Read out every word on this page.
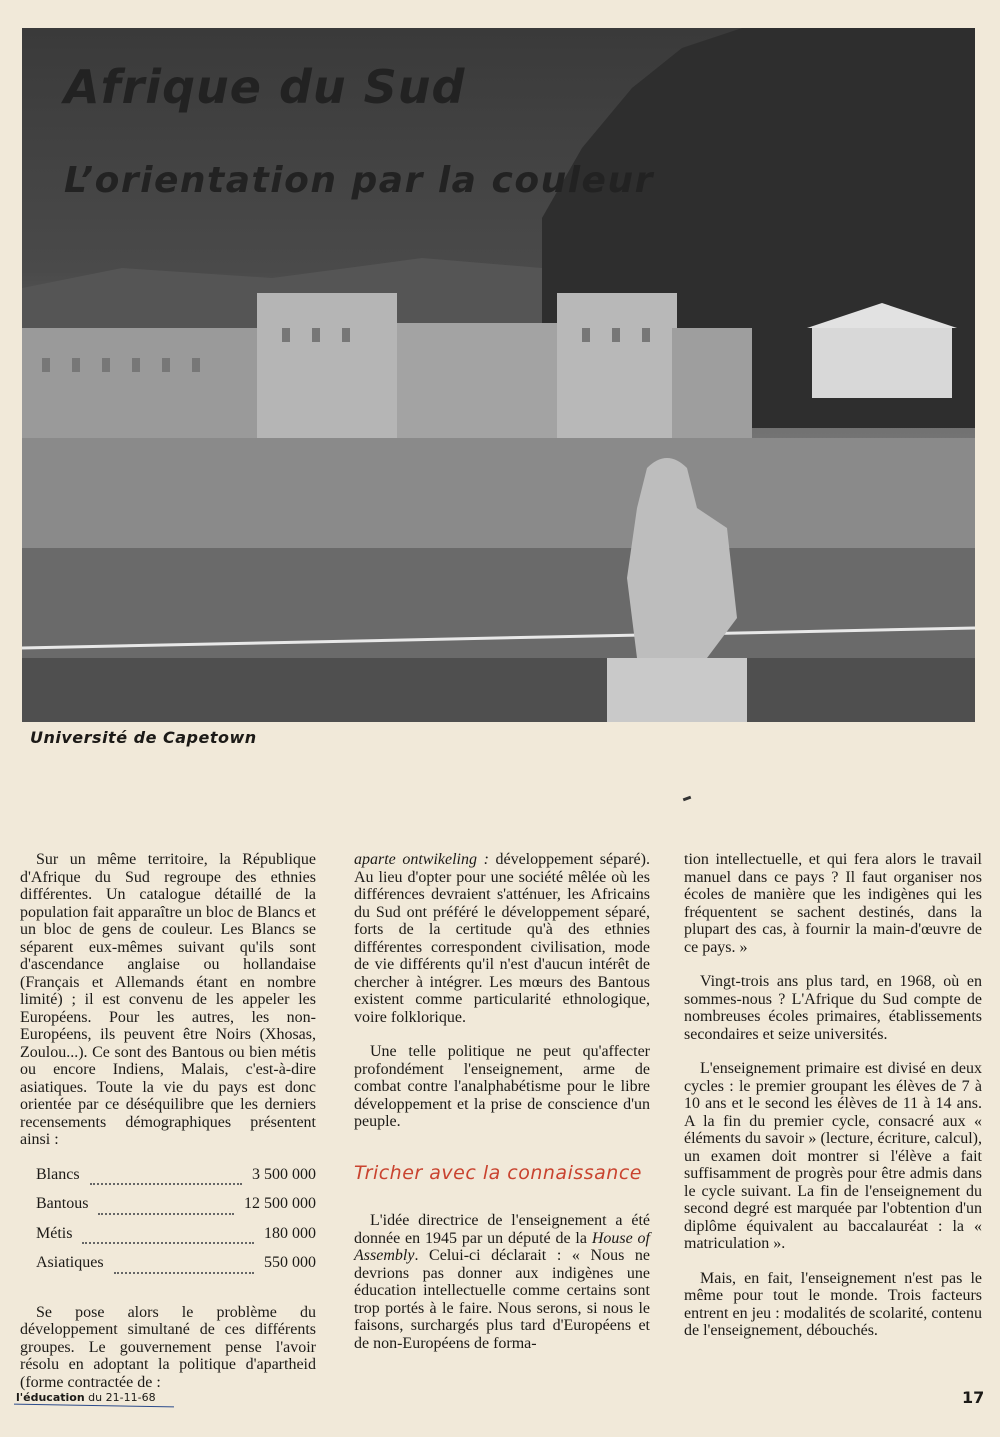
Afrique du Sud
L’orientation par la couleur
Université de Capetown

Sur un même territoire, la République d'Afrique du Sud regroupe des ethnies différentes. Un catalogue détaillé de la population fait apparaître un bloc de Blancs et un bloc de gens de couleur. Les Blancs se séparent eux-mêmes suivant qu'ils sont d'ascendance anglaise ou hollandaise (Français et Allemands étant en nombre limité) ; il est convenu de les appeler les Européens. Pour les autres, les non-Européens, ils peuvent être Noirs (Xhosas, Zoulou...). Ce sont des Bantous ou bien métis ou encore Indiens, Malais, c'est-à-dire asiatiques. Toute la vie du pays est donc orientée par ce déséquilibre que les derniers recensements démographiques présentent ainsi :

Blancs	3 500 000
Bantous	12 500 000
Métis	180 000
Asiatiques	550 000

Se pose alors le problème du développement simultané de ces différents groupes. Le gouvernement pense l'avoir résolu en adoptant la politique d'apartheid (forme contractée de :

aparte ontwikeling : développement séparé). Au lieu d'opter pour une société mêlée où les différences devraient s'atténuer, les Africains du Sud ont préféré le développement séparé, forts de la certitude qu'à des ethnies différentes correspondent civilisation, mode de vie différents qu'il n'est d'aucun intérêt de chercher à intégrer. Les mœurs des Bantous existent comme particularité ethnologique, voire folklorique.

Une telle politique ne peut qu'affecter profondément l'enseignement, arme de combat contre l'analphabétisme pour le libre développement et la prise de conscience d'un peuple.

Tricher avec la connaissance

L'idée directrice de l'enseignement a été donnée en 1945 par un député de la House of Assembly. Celui-ci déclarait : « Nous ne devrions pas donner aux indigènes une éducation intellectuelle comme certains sont trop portés à le faire. Nous serons, si nous le faisons, surchargés plus tard d'Européens et de non-Européens de forma-

tion intellectuelle, et qui fera alors le travail manuel dans ce pays ? Il faut organiser nos écoles de manière que les indigènes qui les fréquentent se sachent destinés, dans la plupart des cas, à fournir la main-d'œuvre de ce pays. »

Vingt-trois ans plus tard, en 1968, où en sommes-nous ? L'Afrique du Sud compte de nombreuses écoles primaires, établissements secondaires et seize universités.

L'enseignement primaire est divisé en deux cycles : le premier groupant les élèves de 7 à 10 ans et le second les élèves de 11 à 14 ans. A la fin du premier cycle, consacré aux « éléments du savoir » (lecture, écriture, calcul), un examen doit montrer si l'élève a fait suffisamment de progrès pour être admis dans le cycle suivant. La fin de l'enseignement du second degré est marquée par l'obtention d'un diplôme équivalent au baccalauréat : la « matriculation ».

Mais, en fait, l'enseignement n'est pas le même pour tout le monde. Trois facteurs entrent en jeu : modalités de scolarité, contenu de l'enseignement, débouchés.

l'éducation du 21-11-68	17
